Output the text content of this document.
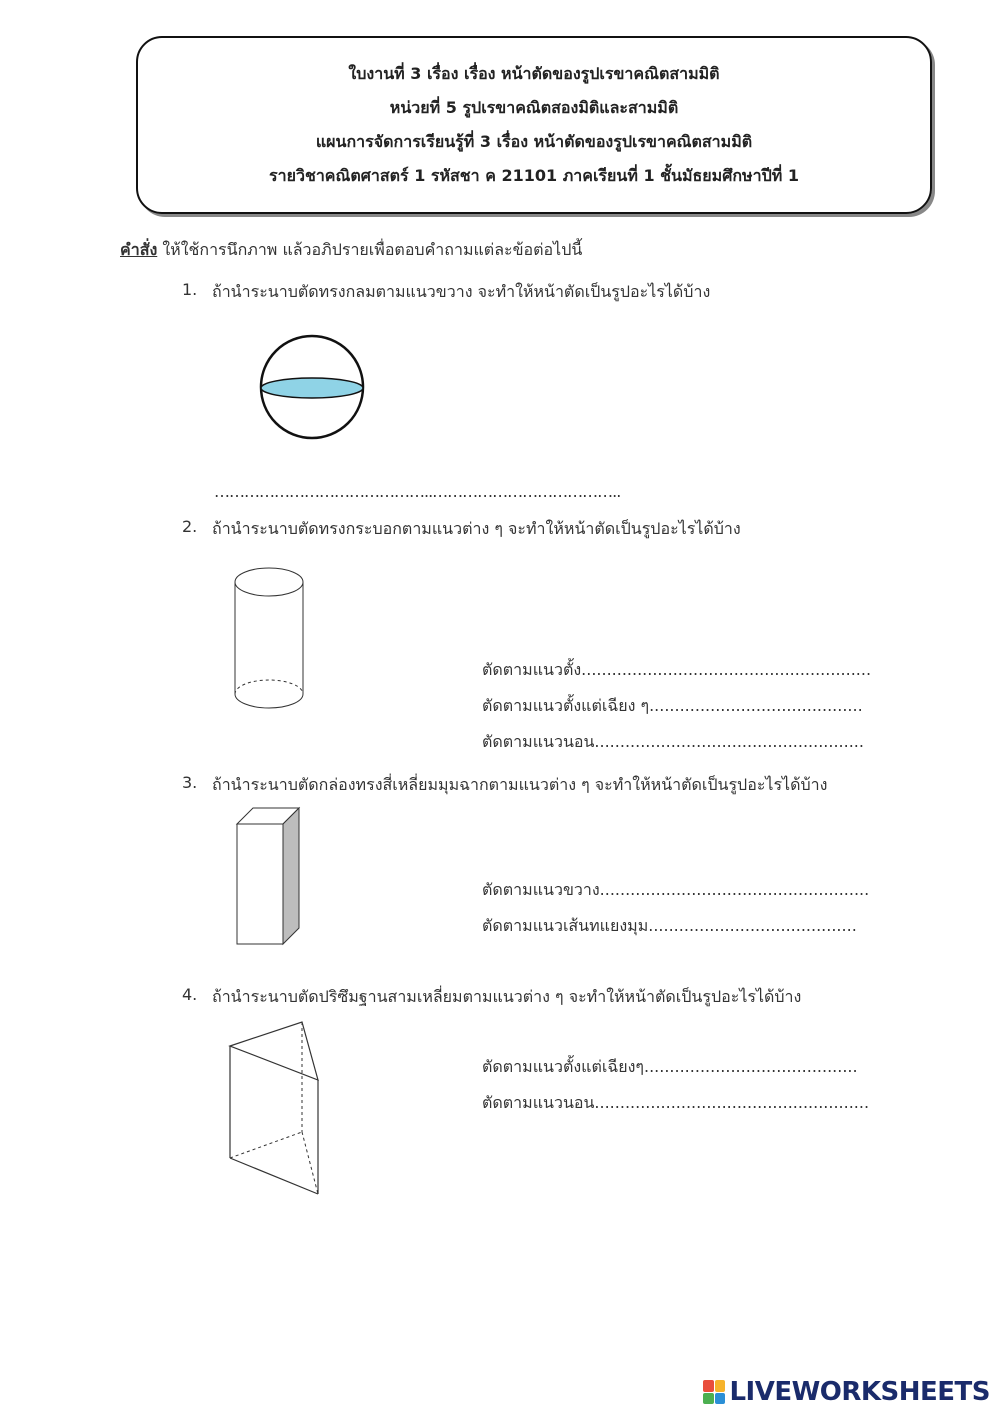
ใบงานที่ 3 เรื่อง เรื่อง หน้าตัดของรูปเรขาคณิตสามมิติ
หน่วยที่ 5 รูปเรขาคณิตสองมิติและสามมิติ
แผนการจัดการเรียนรู้ที่ 3 เรื่อง หน้าตัดของรูปเรขาคณิตสามมิติ
รายวิชาคณิตศาสตร์ 1 รหัสชา ค 21101 ภาคเรียนที่ 1 ชั้นมัธยมศึกษาปีที่ 1
คำสั่ง ให้ใช้การนึกภาพ แล้วอภิปรายเพื่อตอบคำถามแต่ละข้อต่อไปนี้
1. ถ้านำระนาบตัดทรงกลมตามแนวขวาง จะทำให้หน้าตัดเป็นรูปอะไรได้บ้าง
……………………………………..………………………………..
2. ถ้านำระนาบตัดทรงกระบอกตามแนวต่าง ๆ จะทำให้หน้าตัดเป็นรูปอะไรได้บ้าง
ตัดตามแนวตั้ง.........................................................
ตัดตามแนวตั้งแต่เฉียง ๆ..........................................
ตัดตามแนวนอน.....................................................
3. ถ้านำระนาบตัดกล่องทรงสี่เหลี่ยมมุมฉากตามแนวต่าง ๆ จะทำให้หน้าตัดเป็นรูปอะไรได้บ้าง
ตัดตามแนวขวาง.....................................................
ตัดตามแนวเส้นทแยงมุม.........................................
4. ถ้านำระนาบตัดปริซึมฐานสามเหลี่ยมตามแนวต่าง ๆ จะทำให้หน้าตัดเป็นรูปอะไรได้บ้าง
ตัดตามแนวตั้งแต่เฉียงๆ..........................................
ตัดตามแนวนอน......................................................
LIVEWORKSHEETS
